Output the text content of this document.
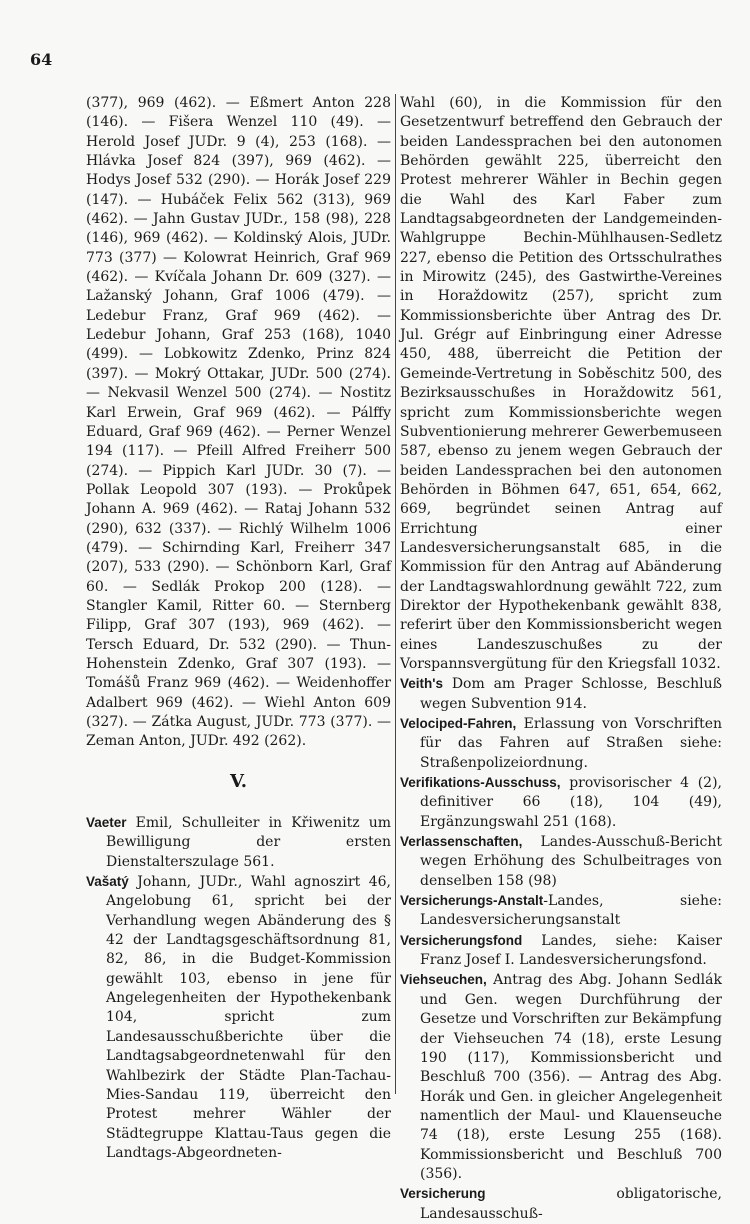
64

(377), 969 (462). — Eßmert Anton 228 (146). — Fišera Wenzel 110 (49). — Herold Josef JUDr. 9 (4), 253 (168). — Hlávka Josef 824 (397), 969 (462). — Hodys Josef 532 (290). — Horák Josef 229 (147). — Hubáček Felix 562 (313), 969 (462). — Jahn Gustav JUDr., 158 (98), 228 (146), 969 (462). — Koldinský Alois, JUDr. 773 (377) — Kolowrat Heinrich, Graf 969 (462). — Kvíčala Johann Dr. 609 (327). — Lažanský Johann, Graf 1006 (479). — Ledebur Franz, Graf 969 (462). — Ledebur Johann, Graf 253 (168), 1040 (499). — Lobkowitz Zdenko, Prinz 824 (397). — Mokrý Ottakar, JUDr. 500 (274). — Nekvasil Wenzel 500 (274). — Nostitz Karl Erwein, Graf 969 (462). — Pálffy Eduard, Graf 969 (462). — Perner Wenzel 194 (117). — Pfeill Alfred Freiherr 500 (274). — Pippich Karl JUDr. 30 (7). — Pollak Leopold 307 (193). — Prokůpek Johann A. 969 (462). — Rataj Johann 532 (290), 632 (337). — Richlý Wilhelm 1006 (479). — Schirnding Karl, Freiherr 347 (207), 533 (290). — Schönborn Karl, Graf 60. — Sedlák Prokop 200 (128). — Stangler Kamil, Ritter 60. — Sternberg Filipp, Graf 307 (193), 969 (462). — Tersch Eduard, Dr. 532 (290). — Thun-Hohenstein Zdenko, Graf 307 (193). — Tomášů Franz 969 (462). — Weidenhoffer Adalbert 969 (462). — Wiehl Anton 609 (327). — Zátka August, JUDr. 773 (377). — Zeman Anton, JUDr. 492 (262).

V.

Vaeter Emil, Schulleiter in Křiwenitz um Bewilligung der ersten Dienstalterszulage 561.

Vašatý Johann, JUDr., Wahl agnoszirt 46, Angelobung 61, spricht bei der Verhandlung wegen Abänderung des § 42 der Landtagsgeschäftsordnung 81, 82, 86, in die Budget-Kommission gewählt 103, ebenso in jene für Angelegenheiten der Hypothekenbank 104, spricht zum Landesausschußberichte über die Landtagsabgeordnetenwahl für den Wahlbezirk der Städte Plan-Tachau-Mies-Sandau 119, überreicht den Protest mehrer Wähler der Städtegruppe Klattau-Taus gegen die Landtags-Abgeordneten-

Wahl (60), in die Kommission für den Gesetzentwurf betreffend den Gebrauch der beiden Landessprachen bei den autonomen Behörden gewählt 225, überreicht den Protest mehrerer Wähler in Bechin gegen die Wahl des Karl Faber zum Landtagsabgeordneten der Landgemeinden-Wahlgruppe Bechin-Mühlhausen-Sedletz 227, ebenso die Petition des Ortsschulrathes in Mirowitz (245), des Gastwirthe-Vereines in Horaždowitz (257), spricht zum Kommissionsberichte über Antrag des Dr. Jul. Grégr auf Einbringung einer Adresse 450, 488, überreicht die Petition der Gemeinde-Vertretung in Soběschitz 500, des Bezirksausschußes in Horaždowitz 561, spricht zum Kommissionsberichte wegen Subventionierung mehrerer Gewerbemuseen 587, ebenso zu jenem wegen Gebrauch der beiden Landessprachen bei den autonomen Behörden in Böhmen 647, 651, 654, 662, 669, begründet seinen Antrag auf Errichtung einer Landesversicherungsanstalt 685, in die Kommission für den Antrag auf Abänderung der Landtagswahlordnung gewählt 722, zum Direktor der Hypothekenbank gewählt 838, referirt über den Kommissionsbericht wegen eines Landeszuschußes zu der Vorspannsvergütung für den Kriegsfall 1032.

Veith's Dom am Prager Schlosse, Beschluß wegen Subvention 914.

Velociped-Fahren, Erlassung von Vorschriften für das Fahren auf Straßen siehe: Straßenpolizeiordnung.

Verifikations-Ausschuss, provisorischer 4 (2), definitiver 66 (18), 104 (49), Ergänzungswahl 251 (168).

Verlassenschaften, Landes-Ausschuß-Bericht wegen Erhöhung des Schulbeitrages von denselben 158 (98)

Versicherungs-Anstalt-Landes, siehe: Landesversicherungsanstalt

Versicherungsfond Landes, siehe: Kaiser Franz Josef I. Landesversicherungsfond.

Viehseuchen, Antrag des Abg. Johann Sedlák und Gen. wegen Durchführung der Gesetze und Vorschriften zur Bekämpfung der Viehseuchen 74 (18), erste Lesung 190 (117), Kommissionsbericht und Beschluß 700 (356). — Antrag des Abg. Horák und Gen. in gleicher Angelegenheit namentlich der Maul- und Klauenseuche 74 (18), erste Lesung 255 (168). Kommissionsbericht und Beschluß 700 (356).

Versicherung obligatorische, Landesausschuß-
